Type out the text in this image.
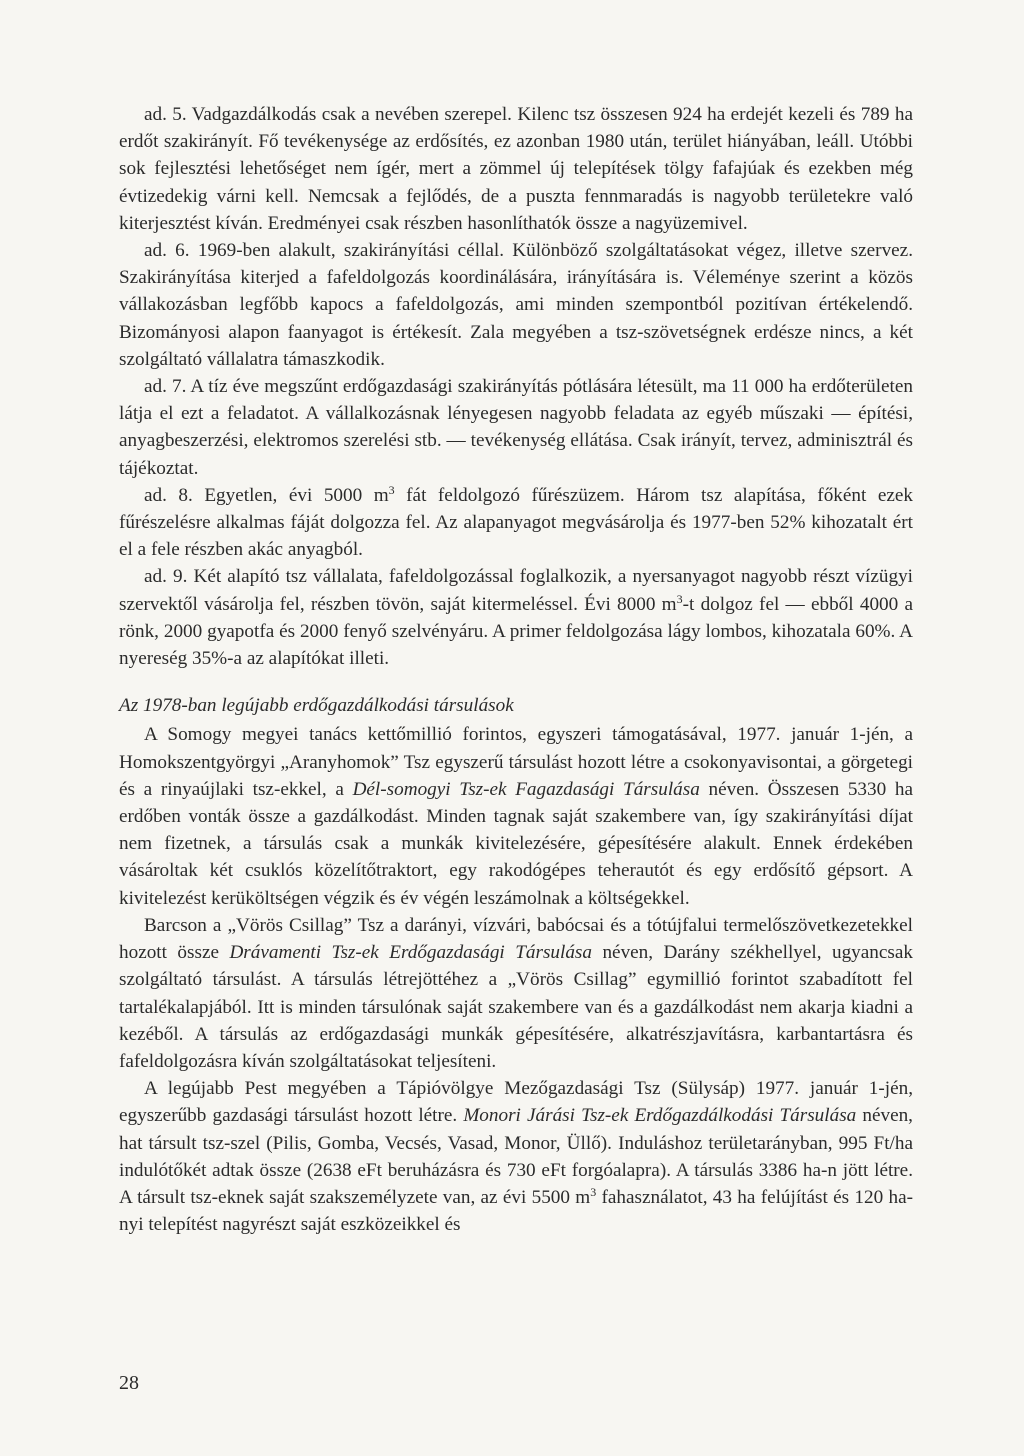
ad. 5. Vadgazdálkodás csak a nevében szerepel. Kilenc tsz összesen 924 ha erdejét kezeli és 789 ha erdőt szakirányít. Fő tevékenysége az erdősítés, ez azonban 1980 után, terület hiányában, leáll. Utóbbi sok fejlesztési lehetőséget nem ígér, mert a zömmel új telepítések tölgy fafajúak és ezekben még évtizedekig várni kell. Nemcsak a fejlődés, de a puszta fennmaradás is nagyobb területekre való kiterjesztést kíván. Eredményei csak részben hasonlíthatók össze a nagyüzemivel.

ad. 6. 1969-ben alakult, szakirányítási céllal. Különböző szolgáltatásokat végez, illetve szervez. Szakirányítása kiterjed a fafeldolgozás koordinálására, irányítására is. Véleménye szerint a közös vállakozásban legfőbb kapocs a fafeldolgozás, ami minden szempontból pozitívan értékelendő. Bizományosi alapon faanyagot is értékesít. Zala megyében a tsz-szövetségnek erdésze nincs, a két szolgáltató vállalatra támaszkodik.

ad. 7. A tíz éve megszűnt erdőgazdasági szakirányítás pótlására létesült, ma 11 000 ha erdőterületen látja el ezt a feladatot. A vállalkozásnak lényegesen nagyobb feladata az egyéb műszaki — építési, anyagbeszerzési, elektromos szerelési stb. — tevékenység ellátása. Csak irányít, tervez, adminisztrál és tájékoztat.

ad. 8. Egyetlen, évi 5000 $m^3$ fát feldolgozó fűrészüzem. Három tsz alapítása, főként ezek fűrészelésre alkalmas fáját dolgozza fel. Az alapanyagot megvásárolja és 1977-ben 52% kihozatalt ért el a fele részben akác anyagból.

ad. 9. Két alapító tsz vállalata, fafeldolgozással foglalkozik, a nyersanyagot nagyobb részt vízügyi szervektől vásárolja fel, részben tövön, saját kitermeléssel. Évi 8000 $m^3-t$ dolgoz fel — ebből 4000 a rönk, 2000 gyapotfa és 2000 fenyő szelvényáru. A primer feldolgozása lágy lombos, kihozatala 60%. A nyereség 35%-a az alapítókat illeti.

Az 1978-ban legújabb erdőgazdálkodási társulások

A Somogy megyei tanács kettőmillió forintos, egyszeri támogatásával, 1977. január 1-jén, a Homokszentgyörgyi „Aranyhomok” Tsz egyszerű társulást hozott létre a csokonyavisontai, a görgetegi és a rinyaújlaki tsz-ekkel, a Dél-somogyi Tsz-ek Fagazdasági Társulása néven. Összesen 5330 ha erdőben vonták össze a gazdálkodást. Minden tagnak saját szakembere van, így szakirányítási díjat nem fizetnek, a társulás csak a munkák kivitelezésére, gépesítésére alakult. Ennek érdekében vásároltak két csuklós közelítőtraktort, egy rakodógépes teherautót és egy erdősítő gépsort. A kivitelezést kerüköltségen végzik és év végén leszámolnak a költségekkel.

Barcson a „Vörös Csillag” Tsz a darányi, vízvári, babócsai és a tótújfalui termelőszövetkezetekkel hozott össze Drávamenti Tsz-ek Erdőgazdasági Társulása néven, Darány székhellyel, ugyancsak szolgáltató társulást. A társulás létrejöttéhez a „Vörös Csillag” egymillió forintot szabadított fel tartalékalapjából. Itt is minden társulónak saját szakembere van és a gazdálkodást nem akarja kiadni a kezéből. A társulás az erdőgazdasági munkák gépesítésére, alkatrészjavításra, karbantartásra és fafeldolgozásra kíván szolgáltatásokat teljesíteni.

A legújabb Pest megyében a Tápióvölgye Mezőgazdasági Tsz (Sülysáp) 1977. január 1-jén, egyszerűbb gazdasági társulást hozott létre. Monori Járási Tsz-ek Erdőgazdálkodási Társulása néven, hat társult tsz-szel (Pilis, Gomba, Vecsés, Vasad, Monor, Üllő). Induláshoz területarányban, 995 Ft/ha indulótőkét adtak össze (2638 eFt beruházásra és 730 eFt forgóalapra). A társulás 3386 ha-n jött létre. A társult tsz-eknek saját szakszemélyzete van, az évi 5500 $m^3$ fahasználatot, 43 ha felújítást és 120 ha-nyi telepítést nagyrészt saját eszközeikkel és

28
